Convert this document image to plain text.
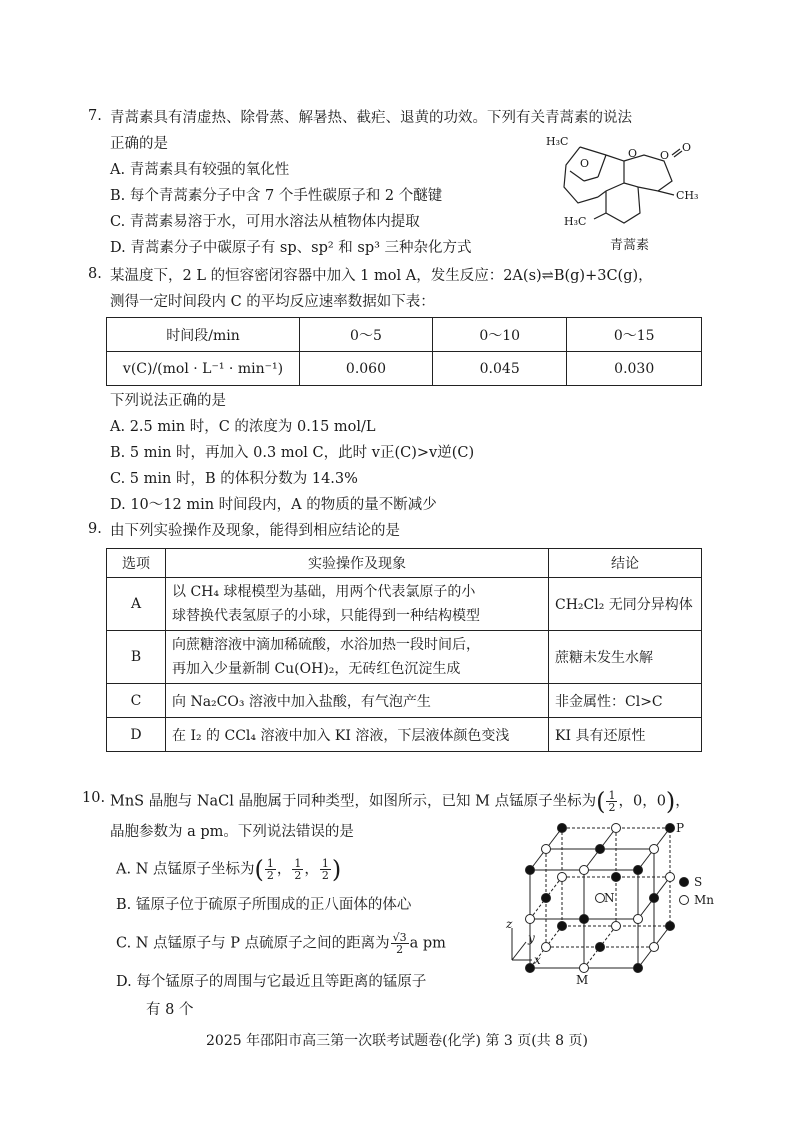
7. 青蒿素具有清虚热、除骨蒸、解暑热、截疟、退黄的功效。下列有关青蒿素的说法
正确的是
A. 青蒿素具有较强的氧化性
B. 每个青蒿素分子中含 7 个手性碳原子和 2 个醚键
C. 青蒿素易溶于水，可用水溶法从植物体内提取
D. 青蒿素分子中碳原子有 sp、sp² 和 sp³ 三种杂化方式
O
O O
O
H₃C
CH₃
H₃C
青蒿素
8. 某温度下，2 L 的恒容密闭容器中加入 1 mol A，发生反应：2A(s)⇌B(g)+3C(g)，
测得一定时间段内 C 的平均反应速率数据如下表：
时间段/min	0～5	0～10	0～15
v(C)/(mol · L⁻¹ · min⁻¹)	0.060	0.045	0.030
下列说法正确的是
A. 2.5 min 时，C 的浓度为 0.15 mol/L
B. 5 min 时，再加入 0.3 mol C，此时 v正(C)>v逆(C)
C. 5 min 时，B 的体积分数为 14.3%
D. 10～12 min 时间段内，A 的物质的量不断减少
9. 由下列实验操作及现象，能得到相应结论的是
选项	实验操作及现象	结论
A	以 CH₄ 球棍模型为基础，用两个代表氯原子的小
球替换代表氢原子的小球，只能得到一种结构模型	CH₂Cl₂ 无同分异构体
B	向蔗糖溶液中滴加稀硫酸，水浴加热一段时间后，
再加入少量新制 Cu(OH)₂，无砖红色沉淀生成	蔗糖未发生水解
C	向 Na₂CO₃ 溶液中加入盐酸，有气泡产生	非金属性：Cl>C
D	在 I₂ 的 CCl₄ 溶液中加入 KI 溶液，下层液体颜色变浅	KI 具有还原性
10. MnS 晶胞与 NaCl 晶胞属于同种类型，如图所示，已知 M 点锰原子坐标为( $\frac{1}{2}$ ，0，0)，
晶胞参数为 a pm。下列说法错误的是
A. N 点锰原子坐标为( $\frac{1}{2}$ ， $\frac{1}{2}$ ， $\frac{1}{2}$ )
B. 锰原子位于硫原子所围成的正八面体的体心
C. N 点锰原子与 P 点硫原子之间的距离为 $\frac{√3}{2}$ a pm
D. 每个锰原子的周围与它最近且等距离的锰原子
有 8 个
P
N
M
x
y
z
S
Mn
2025 年邵阳市高三第一次联考试题卷(化学) 第 3 页(共 8 页)
